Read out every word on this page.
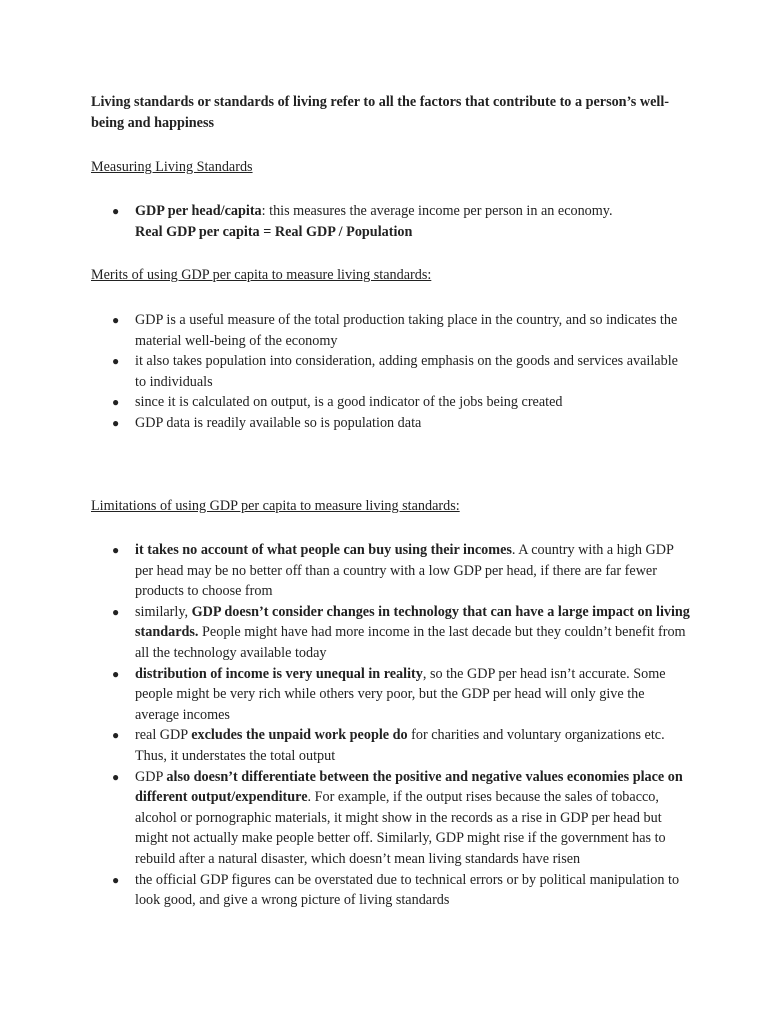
Living standards or standards of living refer to all the factors that contribute to a person’s well-being and happiness

Measuring Living Standards

● GDP per head/capita: this measures the average income per person in an economy.
Real GDP per capita = Real GDP / Population

Merits of using GDP per capita to measure living standards:

● GDP is a useful measure of the total production taking place in the country, and so indicates the material well-being of the economy
● it also takes population into consideration, adding emphasis on the goods and services available to individuals
● since it is calculated on output, is a good indicator of the jobs being created
● GDP data is readily available so is population data

Limitations of using GDP per capita to measure living standards:

● it takes no account of what people can buy using their incomes. A country with a high GDP per head may be no better off than a country with a low GDP per head, if there are far fewer products to choose from
● similarly, GDP doesn’t consider changes in technology that can have a large impact on living standards. People might have had more income in the last decade but they couldn’t benefit from all the technology available today
● distribution of income is very unequal in reality, so the GDP per head isn’t accurate. Some people might be very rich while others very poor, but the GDP per head will only give the average incomes
● real GDP excludes the unpaid work people do for charities and voluntary organizations etc. Thus, it understates the total output
● GDP also doesn’t differentiate between the positive and negative values economies place on different output/expenditure. For example, if the output rises because the sales of tobacco, alcohol or pornographic materials, it might show in the records as a rise in GDP per head but might not actually make people better off. Similarly, GDP might rise if the government has to rebuild after a natural disaster, which doesn’t mean living standards have risen
● the official GDP figures can be overstated due to technical errors or by political manipulation to look good, and give a wrong picture of living standards
